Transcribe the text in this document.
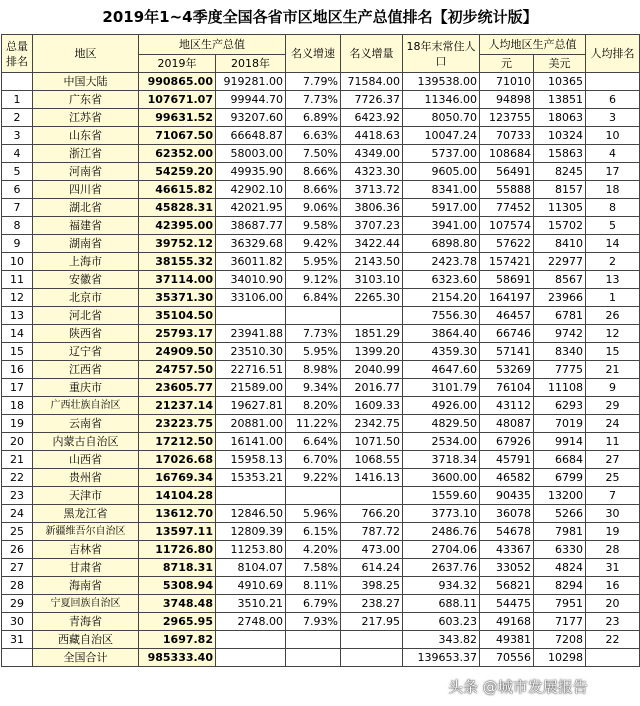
2019年1~4季度全国各省市区地区生产总值排名【初步统计版】
总量排名	地区	地区生产总值		名义增速	名义增量	18年末常住人口	人均地区生产总值		人均排名
		2019年	2018年				元	美元	
	中国大陆	990865.00	919281.00	7.79%	71584.00	139538.00	71010	10365	
1	广东省	107671.07	99944.70	7.73%	7726.37	11346.00	94898	13851	6
2	江苏省	99631.52	93207.60	6.89%	6423.92	8050.70	123755	18063	3
3	山东省	71067.50	66648.87	6.63%	4418.63	10047.24	70733	10324	10
4	浙江省	62352.00	58003.00	7.50%	4349.00	5737.00	108684	15863	4
5	河南省	54259.20	49935.90	8.66%	4323.30	9605.00	56491	8245	17
6	四川省	46615.82	42902.10	8.66%	3713.72	8341.00	55888	8157	18
7	湖北省	45828.31	42021.95	9.06%	3806.36	5917.00	77452	11305	8
8	福建省	42395.00	38687.77	9.58%	3707.23	3941.00	107574	15702	5
9	湖南省	39752.12	36329.68	9.42%	3422.44	6898.80	57622	8410	14
10	上海市	38155.32	36011.82	5.95%	2143.50	2423.78	157421	22977	2
11	安徽省	37114.00	34010.90	9.12%	3103.10	6323.60	58691	8567	13
12	北京市	35371.30	33106.00	6.84%	2265.30	2154.20	164197	23966	1
13	河北省	35104.50				7556.30	46457	6781	26
14	陕西省	25793.17	23941.88	7.73%	1851.29	3864.40	66746	9742	12
15	辽宁省	24909.50	23510.30	5.95%	1399.20	4359.30	57141	8340	15
16	江西省	24757.50	22716.51	8.98%	2040.99	4647.60	53269	7775	21
17	重庆市	23605.77	21589.00	9.34%	2016.77	3101.79	76104	11108	9
18	广西壮族自治区	21237.14	19627.81	8.20%	1609.33	4926.00	43112	6293	29
19	云南省	23223.75	20881.00	11.22%	2342.75	4829.50	48087	7019	24
20	内蒙古自治区	17212.50	16141.00	6.64%	1071.50	2534.00	67926	9914	11
21	山西省	17026.68	15958.13	6.70%	1068.55	3718.34	45791	6684	27
22	贵州省	16769.34	15353.21	9.22%	1416.13	3600.00	46582	6799	25
23	天津市	14104.28				1559.60	90435	13200	7
24	黑龙江省	13612.70	12846.50	5.96%	766.20	3773.10	36078	5266	30
25	新疆维吾尔自治区	13597.11	12809.39	6.15%	787.72	2486.76	54678	7981	19
26	吉林省	11726.80	11253.80	4.20%	473.00	2704.06	43367	6330	28
27	甘肃省	8718.31	8104.07	7.58%	614.24	2637.76	33052	4824	31
28	海南省	5308.94	4910.69	8.11%	398.25	934.32	56821	8294	16
29	宁夏回族自治区	3748.48	3510.21	6.79%	238.27	688.11	54475	7951	20
30	青海省	2965.95	2748.00	7.93%	217.95	603.23	49168	7177	23
31	西藏自治区	1697.82				343.82	49381	7208	22
	全国合计	985333.40				139653.37	70556	10298	
头条 @城市发展报告
